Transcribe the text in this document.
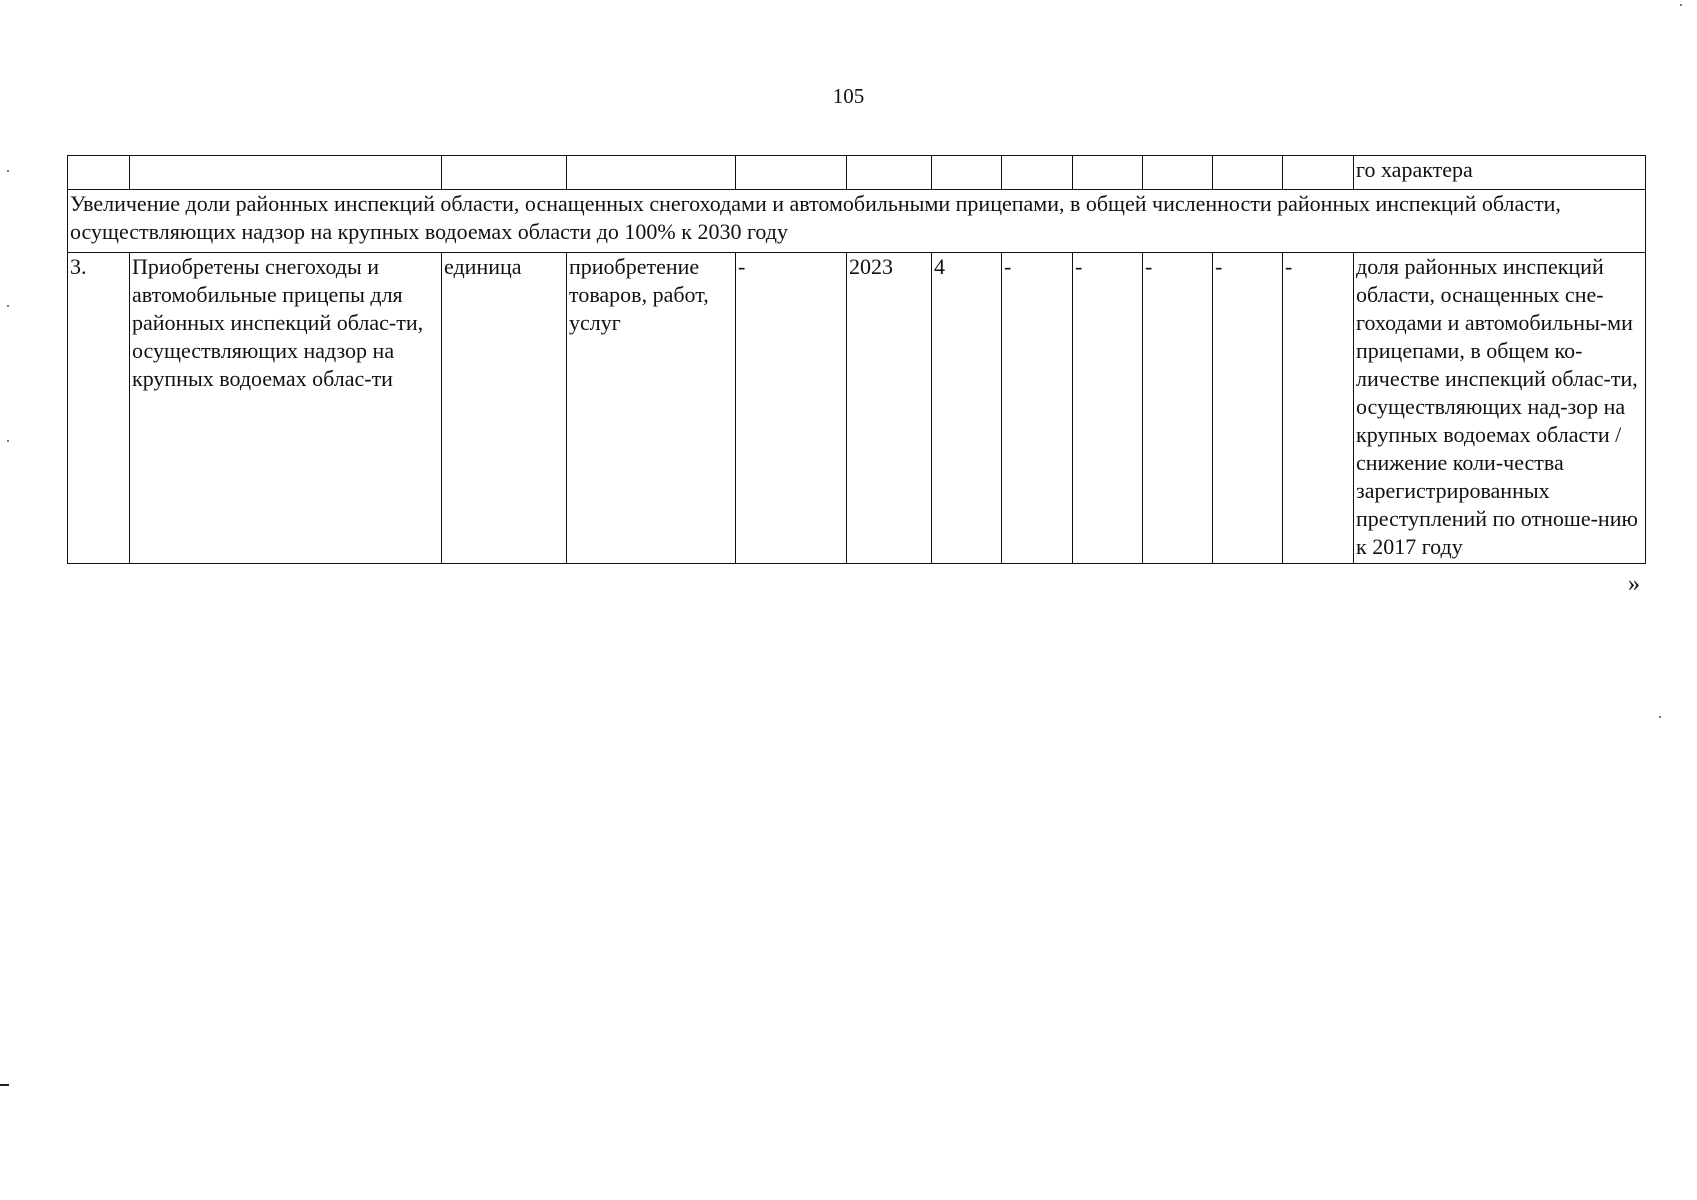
105
												го характера
Увеличение доли районных инспекций области, оснащенных снегоходами и автомобильными прицепами, в общей численности районных инспекций области, осуществляющих надзор на крупных водоемах области до 100% к 2030 году												
3.	Приобретены снегоходы и автомобильные прицепы для районных инспекций облас-ти, осуществляющих надзор на крупных водоемах облас-ти	единица	приобретение товаров, работ, услуг	-	2023	4	-	-	-	-	-	доля районных инспекций области, оснащенных сне-гоходами и автомобильны-ми прицепами, в общем ко-личестве инспекций облас-ти, осуществляющих над-зор на крупных водоемах области / снижение коли-чества зарегистрированных преступлений по отноше-нию к 2017 году
»
